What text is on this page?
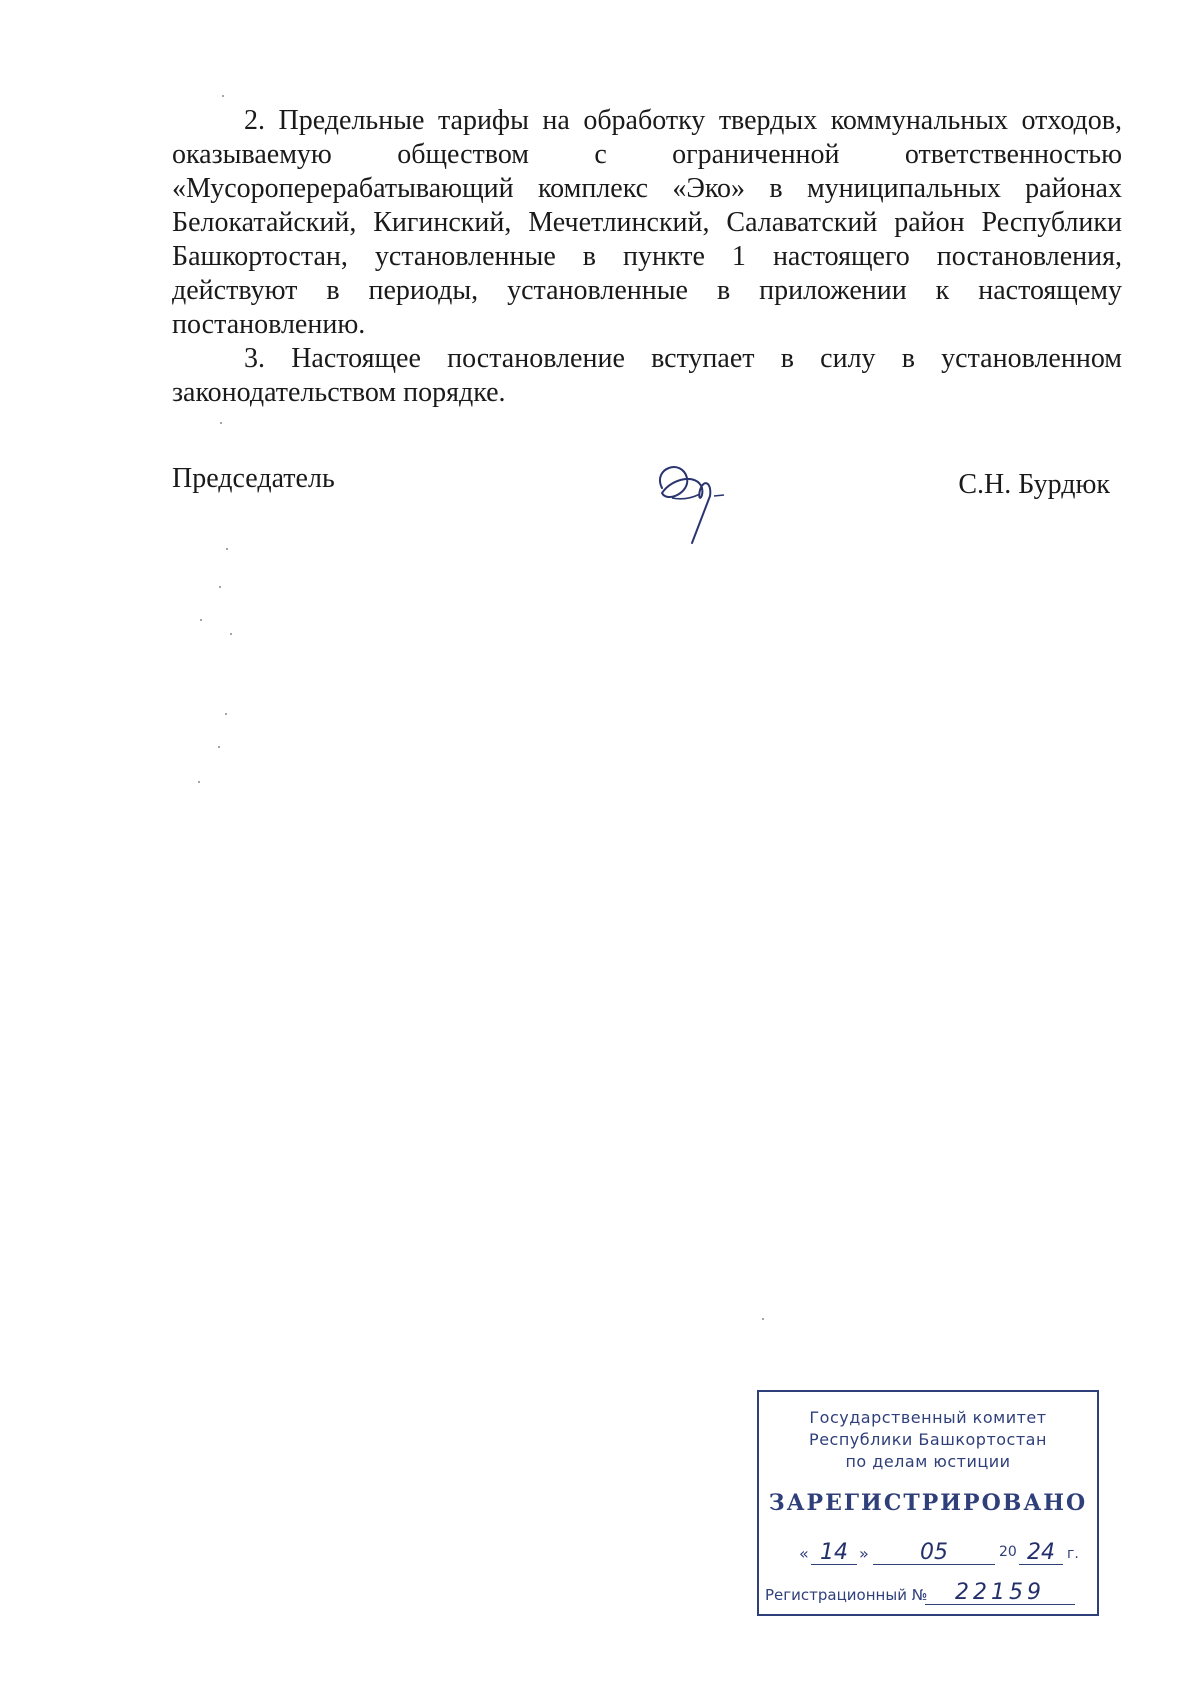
2. Предельные тарифы на обработку твердых коммунальных отходов, оказываемую обществом с ограниченной ответственностью «Мусороперерабатывающий комплекс «Эко» в муниципальных районах Белокатайский, Кигинский, Мечетлинский, Салаватский район Республики Башкортостан, установленные в пункте 1 настоящего постановления, действуют в периоды, установленные в приложении к настоящему постановлению.

3. Настоящее постановление вступает в силу в установленном законодательством порядке.

Председатель	С.Н. Бурдюк
Государственный комитет
Республики Башкортостан
по делам юстиции
ЗАРЕГИСТРИРОВАНО
« 14 »	05	20 24 г.
Регистрационный №	22159
